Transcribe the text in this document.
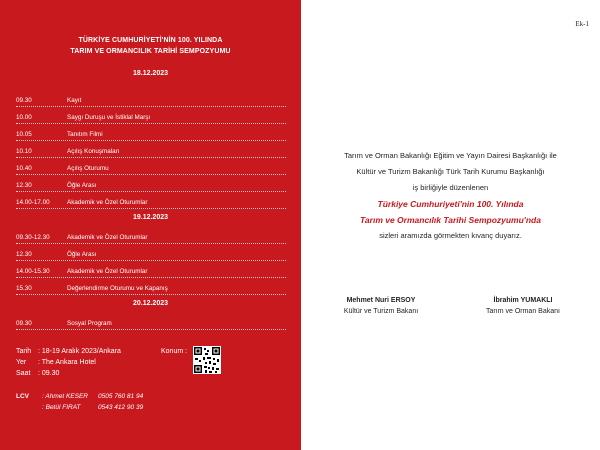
TÜRKİYE CUMHURİYETİ'NİN 100. YILINDA
TARIM VE ORMANCILIK TARİHİ SEMPOZYUMU
18.12.2023
09.30	Kayıt
10.00	Saygı Duruşu ve İstiklal Marşı
10.05	Tanıtım Filmi
10.10	Açılış Konuşmaları
10.40	Açılış Oturumu
12.30	Öğle Arası
14.00-17.00	Akademik ve Özel Oturumlar
19.12.2023
09.30-12.30	Akademik ve Özel Oturumlar
12.30	Öğle Arası
14.00-15.30	Akademik ve Özel Oturumlar
15.30	Değerlendirme Oturumu ve Kapanış
20.12.2023
09.30	Sosyal Program
Tarih : 18-19 Aralık 2023/Ankara
Yer : The Ankara Hotel
Saat : 09.30
Konum :
LCV : Ahmet KESER 0505 760 81 94
: Betül FIRAT	0543 412 90 39
Ek-1
Tarım ve Orman Bakanlığı Eğitim ve Yayın Dairesi Başkanlığı ile
Kültür ve Turizm Bakanlığı Türk Tarih Kurumu Başkanlığı
iş birliğiyle düzenlenen
Türkiye Cumhuriyeti'nin 100. Yılında
Tarım ve Ormancılık Tarihi Sempozyumu'nda
sizleri aramızda görmekten kıvanç duyarız.
Mehmet Nuri ERSOY
Kültür ve Turizm Bakanı
İbrahim YUMAKLI
Tarım ve Orman Bakanı
